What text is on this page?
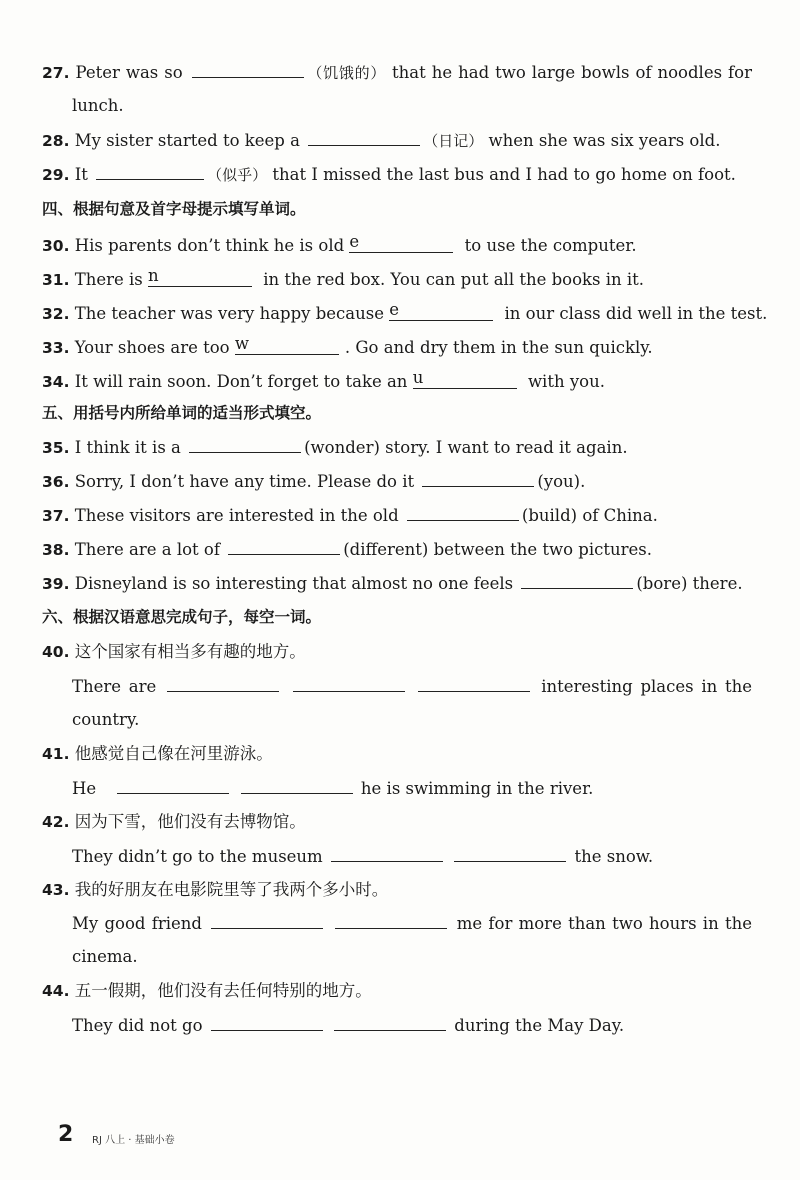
27. Peter was so	（饥饿的） that he had two large bowls of noodles for
lunch.
28. My sister started to keep a	（日记） when she was six years old.
29. It	（似乎） that I missed the last bus and I had to go home on foot.
四、根据句意及首字母提示填写单词。
30. His parents don’t think he is old e	to use the computer.
31. There is n	in the red box. You can put all the books in it.
32. The teacher was very happy because e	in our class did well in the test.
33. Your shoes are too w	. Go and dry them in the sun quickly.
34. It will rain soon. Don’t forget to take an u	with you.
五、用括号内所给单词的适当形式填空。
35. I think it is a	(wonder) story. I want to read it again.
36. Sorry, I don’t have any time. Please do it	(you).
37. These visitors are interested in the old	(build) of China.
38. There are a lot of	(different) between the two pictures.
39. Disneyland is so interesting that almost no one feels	(bore) there.
六、根据汉语意思完成句子，每空一词。
40. 这个国家有相当多有趣的地方。
There are	interesting places in the
country.
41. 他感觉自己像在河里游泳。
He	he is swimming in the river.
42. 因为下雪，他们没有去博物馆。
They didn’t go to the museum	the snow.
43. 我的好朋友在电影院里等了我两个多小时。
My good friend	me for more than two hours in the
cinema.
44. 五一假期，他们没有去任何特别的地方。
They did not go	during the May Day.
2 RJ 八上 · 基础小卷
